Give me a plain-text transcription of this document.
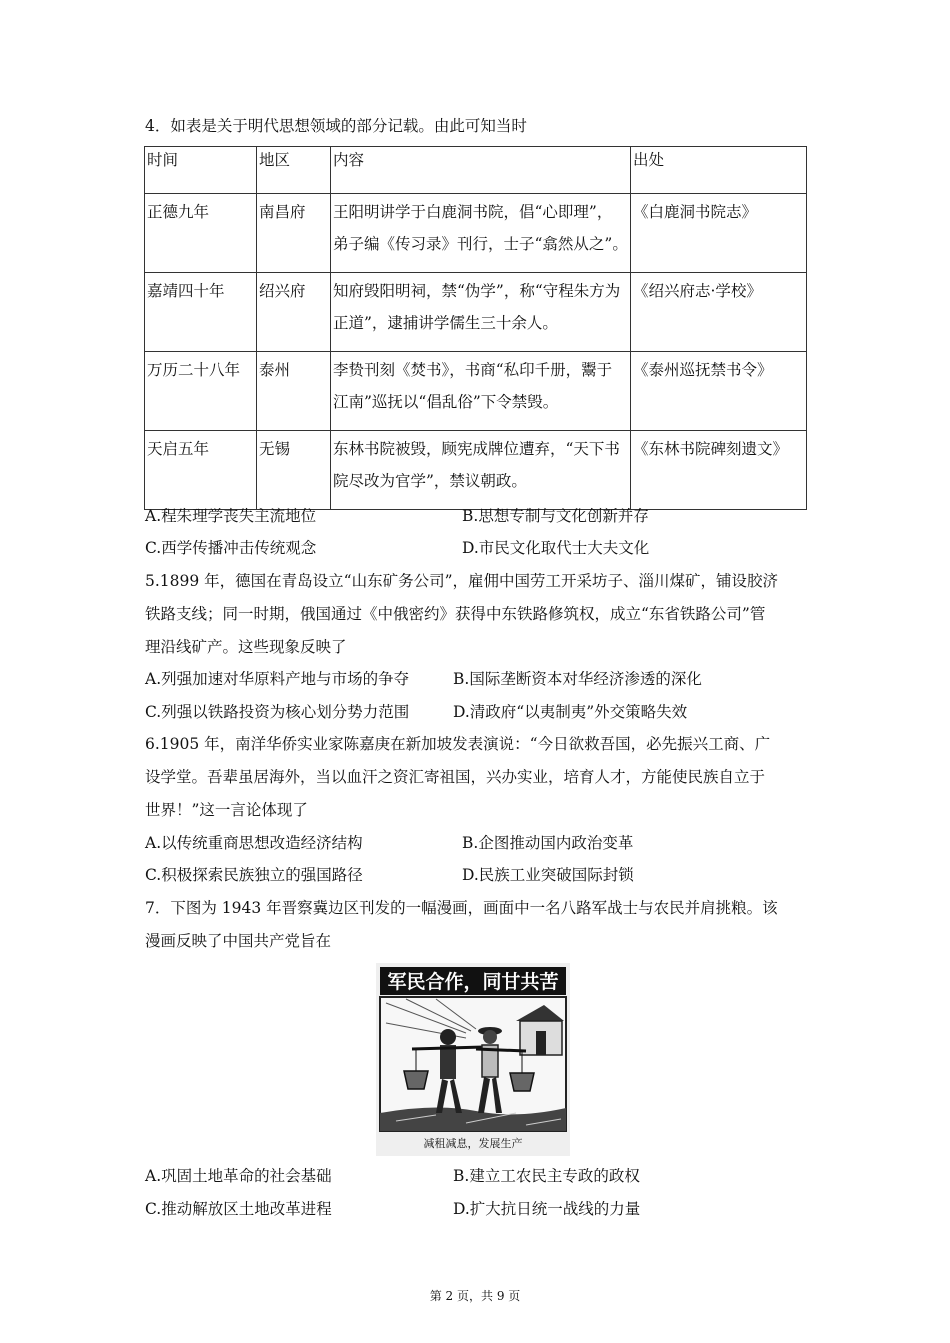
4．如表是关于明代思想领域的部分记载。由此可知当时
时间	地区	内容	出处
正德九年	南昌府	王阳明讲学于白鹿洞书院，倡“心即理”，
弟子编《传习录》刊行，士子“翕然从之”。	《白鹿洞书院志》
嘉靖四十年	绍兴府	知府毁阳明祠，禁“伪学”，称“守程朱方为
正道”，逮捕讲学儒生三十余人。	《绍兴府志·学校》
万历二十八年	泰州	李贽刊刻《焚书》，书商“私印千册，鬻于
江南”巡抚以“倡乱俗”下令禁毁。	《泰州巡抚禁书令》
天启五年	无锡	东林书院被毁，顾宪成牌位遭弃，“天下书
院尽改为官学”，禁议朝政。	《东林书院碑刻遗文》
A.程朱理学丧失主流地位	B.思想专制与文化创新并存
C.西学传播冲击传统观念	D.市民文化取代士大夫文化
5.1899 年，德国在青岛设立“山东矿务公司”，雇佣中国劳工开采坊子、淄川煤矿，铺设胶济
铁路支线；同一时期，俄国通过《中俄密约》获得中东铁路修筑权，成立“东省铁路公司”管
理沿线矿产。这些现象反映了
A.列强加速对华原料产地与市场的争夺	B.国际垄断资本对华经济渗透的深化
C.列强以铁路投资为核心划分势力范围	D.清政府“以夷制夷”外交策略失效
6.1905 年，南洋华侨实业家陈嘉庚在新加坡发表演说：“今日欲救吾国，必先振兴工商、广
设学堂。吾辈虽居海外，当以血汗之资汇寄祖国，兴办实业，培育人才，方能使民族自立于
世界！”这一言论体现了
A.以传统重商思想改造经济结构	B.企图推动国内政治变革
C.积极探索民族独立的强国路径	D.民族工业突破国际封锁
7．下图为 1943 年晋察冀边区刊发的一幅漫画，画面中一名八路军战士与农民并肩挑粮。该
漫画反映了中国共产党旨在
军民合作，同甘共苦
减租减息，发展生产
A.巩固土地革命的社会基础	B.建立工农民主专政的政权
C.推动解放区土地改革进程	D.扩大抗日统一战线的力量
第 2 页，共 9 页
